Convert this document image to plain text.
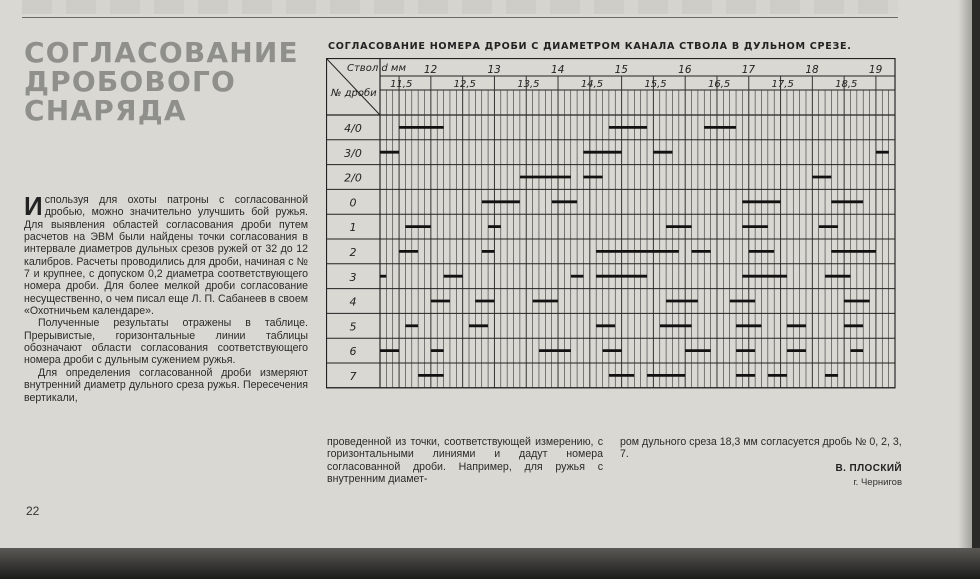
СОГЛАСОВАНИЕ
ДРОБОВОГО
СНАРЯДА

Используя для охоты патроны с согласованной дробью, можно значительно улучшить бой ружья. Для выявления областей согласования дроби путем расчетов на ЭВМ были найдены точки согласования в интервале диаметров дульных срезов ружей от 32 до 12 калибров. Расчеты проводились для дроби, начиная с № 7 и крупнее, с допуском 0,2 диаметра соответствующего номера дроби. Для более мелкой дроби согласование несущественно, о чем писал еще Л. П. Сабанеев в своем «Охотничьем календаре».

Полученные результаты отражены в таблице. Прерывистые, горизонтальные линии таблицы обозначают области согласования соответствующего номера дроби с дульным сужением ружья.

Для определения согласованной дроби измеряют внутренний диаметр дульного среза ружья. Пересечения вертикали,

СОГЛАСОВАНИЕ НОМЕРА ДРОБИ С ДИАМЕТРОМ КАНАЛА СТВОЛА В ДУЛЬНОМ СРЕЗЕ.
4/0
3/0
2/0
0
1
2
3
4
5
6
7
12	13	14	15	16	17	18	19
11,5	12,5	13,5	14,5	15,5	16,5	17,5	18,5
Ствол d мм
№ дроби

проведенной из точки, соответствующей измерению, с горизонтальными линиями и дадут номера согласованной дроби. Например, для ружья с внутренним диамет-

ром дульного среза 18,3 мм согласуется дробь № 0, 2, 3, 7.

В. ПЛОСКИЙ
г. Чернигов
22
